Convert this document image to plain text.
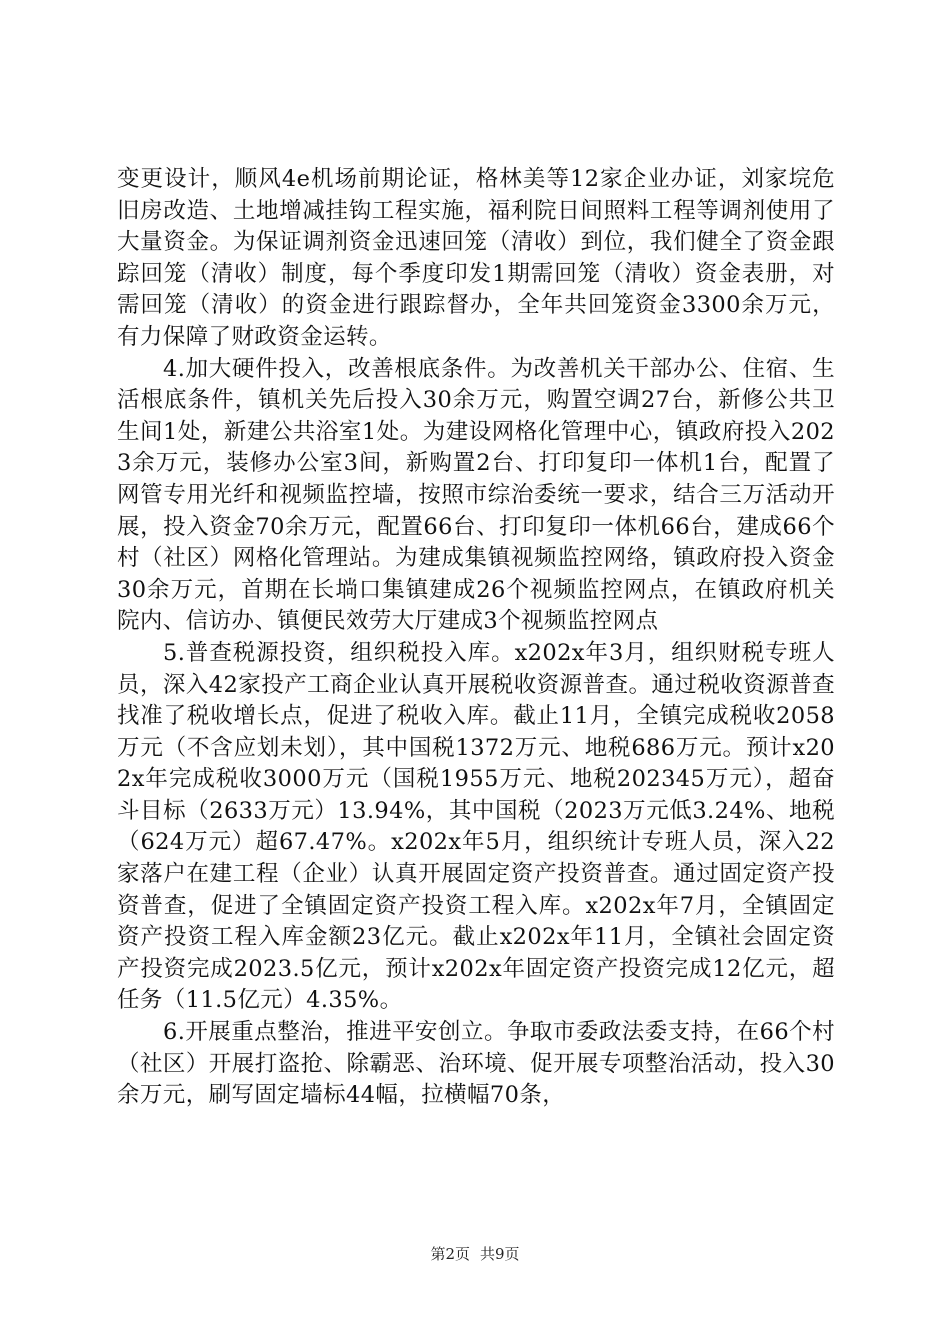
变更设计，顺风4e机场前期论证，格林美等12家企业办证，刘家垸危旧房改造、土地增减挂钩工程实施，福利院日间照料工程等调剂使用了大量资金。为保证调剂资金迅速回笼（清收）到位，我们健全了资金跟踪回笼（清收）制度，每个季度印发1期需回笼（清收）资金表册，对需回笼（清收）的资金进行跟踪督办，全年共回笼资金3300余万元，有力保障了财政资金运转。

4.加大硬件投入，改善根底条件。为改善机关干部办公、住宿、生活根底条件，镇机关先后投入30余万元，购置空调27台，新修公共卫生间1处，新建公共浴室1处。为建设网格化管理中心，镇政府投入2023余万元，装修办公室3间，新购置2台、打印复印一体机1台，配置了网管专用光纤和视频监控墙，按照市综治委统一要求，结合三万活动开展，投入资金70余万元，配置66台、打印复印一体机66台，建成66个村（社区）网格化管理站。为建成集镇视频监控网络，镇政府投入资金30余万元，首期在长埫口集镇建成26个视频监控网点，在镇政府机关院内、信访办、镇便民效劳大厅建成3个视频监控网点

5.普查税源投资，组织税投入库。x202x年3月，组织财税专班人员，深入42家投产工商企业认真开展税收资源普查。通过税收资源普查找准了税收增长点，促进了税收入库。截止11月，全镇完成税收2058万元（不含应划未划），其中国税1372万元、地税686万元。预计x202x年完成税收3000万元（国税1955万元、地税202345万元），超奋斗目标（2633万元）13.94%，其中国税（2023万元低3.24%、地税（624万元）超67.47%。x202x年5月，组织统计专班人员，深入22家落户在建工程（企业）认真开展固定资产投资普查。通过固定资产投资普查，促进了全镇固定资产投资工程入库。x202x年7月，全镇固定资产投资工程入库金额23亿元。截止x202x年11月，全镇社会固定资产投资完成2023.5亿元，预计x202x年固定资产投资完成12亿元，超任务（11.5亿元）4.35%。

6.开展重点整治，推进平安创立。争取市委政法委支持，在66个村（社区）开展打盗抢、除霸恶、治环境、促开展专项整治活动，投入30余万元，刷写固定墙标44幅，拉横幅70条，

第2页 共9页
